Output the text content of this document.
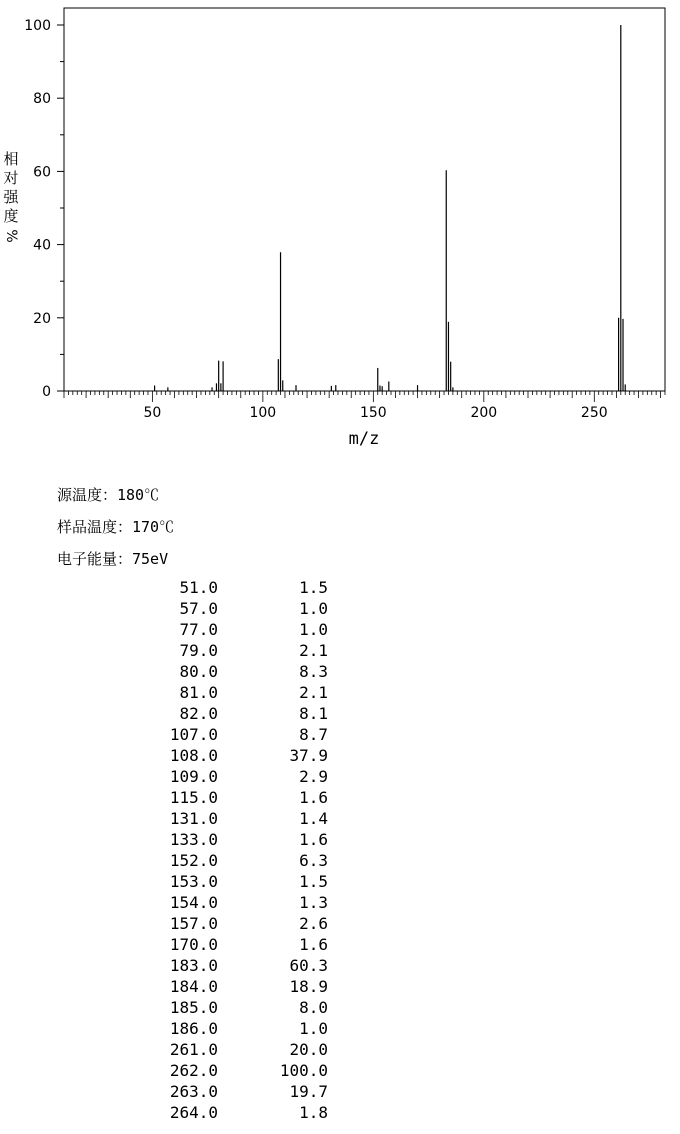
0
20
40
60
80
100
50	100	150	200	250
m/z
相
对
强
度
%
源温度：180℃
样品温度：170℃
电子能量：75eV
51.0	1.5
57.0	1.0
77.0	1.0
79.0	2.1
80.0	8.3
81.0	2.1
82.0	8.1
107.0	8.7
108.0	37.9
109.0	2.9
115.0	1.6
131.0	1.4
133.0	1.6
152.0	6.3
153.0	1.5
154.0	1.3
157.0	2.6
170.0	1.6
183.0	60.3
184.0	18.9
185.0	8.0
186.0	1.0
261.0	20.0
262.0	100.0
263.0	19.7
264.0	1.8
